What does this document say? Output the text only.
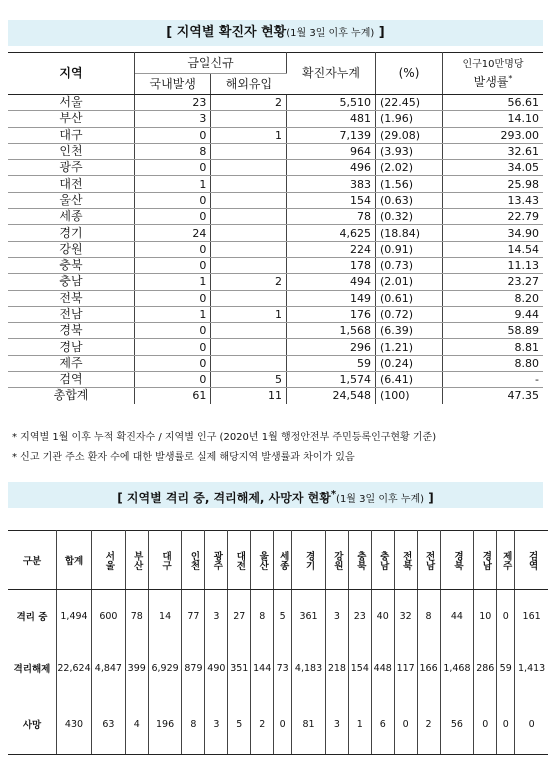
[ 지역별 확진자 현황(1월 3일 이후 누계) ]
지역	금일신규		확진자누계	(%)	인구10만명당
발생률*

	국내발생	해외유입			
서울	23	2	5,510	(22.45)	56.61
부산	3		481	(1.96)	14.10
대구	0	1	7,139	(29.08)	293.00
인천	8		964	(3.93)	32.61
광주	0		496	(2.02)	34.05
대전	1		383	(1.56)	25.98
울산	0		154	(0.63)	13.43
세종	0		78	(0.32)	22.79
경기	24		4,625	(18.84)	34.90
강원	0		224	(0.91)	14.54
충북	0		178	(0.73)	11.13
충남	1	2	494	(2.01)	23.27
전북	0		149	(0.61)	8.20
전남	1	1	176	(0.72)	9.44
경북	0		1,568	(6.39)	58.89
경남	0		296	(1.21)	8.81
제주	0		59	(0.24)	8.80
검역	0	5	1,574	(6.41)	-
총합계	61	11	24,548	(100)	47.35
* 지역별 1월 이후 누적 확진자수 / 지역별 인구 (2020년 1월 행정안전부 주민등록인구현황 기준)
* 신고 기관 주소 환자 수에 대한 발생률로 실제 해당지역 발생률과 차이가 있음
[ 지역별 격리 중, 격리해제, 사망자 현황*(1월 3일 이후 누계) ]
구분	합계	서울	부산	대구	인천	광주	대전	울산	세종	경기	강원	충북	충남	전북	전남	경북	경남	제주	검역
격리 중	1,494	600	78	14	77	3	27	8	5	361	3	23	40	32	8	44	10	0	161
격리해제	22,624	4,847	399	6,929	879	490	351	144	73	4,183	218	154	448	117	166	1,468	286	59	1,413
사망	430	63	4	196	8	3	5	2	0	81	3	1	6	0	2	56	0	0	0
